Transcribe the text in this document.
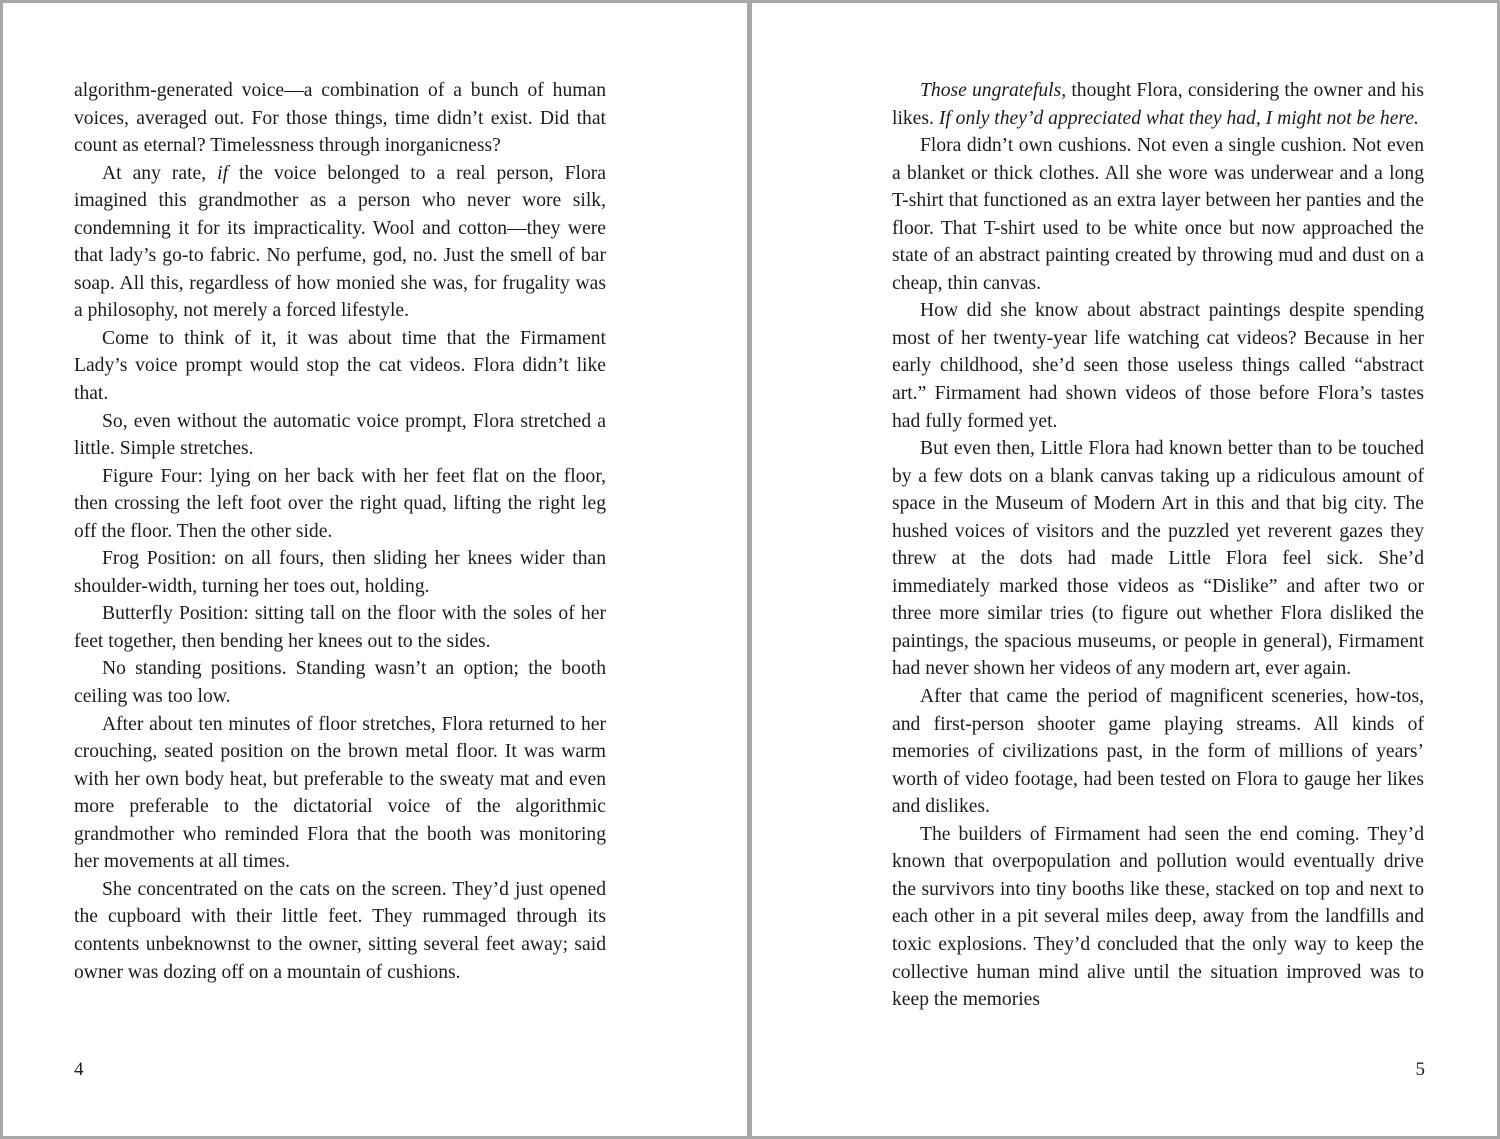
algorithm-generated voice—a combination of a bunch of human voices, averaged out. For those things, time didn’t exist. Did that count as eternal? Timelessness through inorganicness?

At any rate, if the voice belonged to a real person, Flora imagined this grandmother as a person who never wore silk, condemning it for its impracticality. Wool and cotton—they were that lady’s go-to fabric. No perfume, god, no. Just the smell of bar soap. All this, regardless of how monied she was, for frugality was a philosophy, not merely a forced lifestyle.

Come to think of it, it was about time that the Firmament Lady’s voice prompt would stop the cat videos. Flora didn’t like that.

So, even without the automatic voice prompt, Flora stretched a little. Simple stretches.

Figure Four: lying on her back with her feet flat on the floor, then crossing the left foot over the right quad, lifting the right leg off the floor. Then the other side.

Frog Position: on all fours, then sliding her knees wider than shoulder-width, turning her toes out, holding.

Butterfly Position: sitting tall on the floor with the soles of her feet together, then bending her knees out to the sides.

No standing positions. Standing wasn’t an option; the booth ceiling was too low.

After about ten minutes of floor stretches, Flora returned to her crouching, seated position on the brown metal floor. It was warm with her own body heat, but preferable to the sweaty mat and even more preferable to the dictatorial voice of the algorithmic grandmother who reminded Flora that the booth was monitoring her movements at all times.

She concentrated on the cats on the screen. They’d just opened the cupboard with their little feet. They rummaged through its contents unbeknownst to the owner, sitting several feet away; said owner was dozing off on a mountain of cushions.

4

Those ungratefuls, thought Flora, considering the owner and his likes. If only they’d appreciated what they had, I might not be here.

Flora didn’t own cushions. Not even a single cushion. Not even a blanket or thick clothes. All she wore was underwear and a long T-shirt that functioned as an extra layer between her panties and the floor. That T-shirt used to be white once but now approached the state of an abstract painting created by throwing mud and dust on a cheap, thin canvas.

How did she know about abstract paintings despite spending most of her twenty-year life watching cat videos? Because in her early childhood, she’d seen those useless things called “abstract art.” Firmament had shown videos of those before Flora’s tastes had fully formed yet.

But even then, Little Flora had known better than to be touched by a few dots on a blank canvas taking up a ridiculous amount of space in the Museum of Modern Art in this and that big city. The hushed voices of visitors and the puzzled yet reverent gazes they threw at the dots had made Little Flora feel sick. She’d immediately marked those videos as “Dislike” and after two or three more similar tries (to figure out whether Flora disliked the paintings, the spacious museums, or people in general), Firmament had never shown her videos of any modern art, ever again.

After that came the period of magnificent sceneries, how-tos, and first-person shooter game playing streams. All kinds of memories of civilizations past, in the form of millions of years’ worth of video footage, had been tested on Flora to gauge her likes and dislikes.

The builders of Firmament had seen the end coming. They’d known that overpopulation and pollution would eventually drive the survivors into tiny booths like these, stacked on top and next to each other in a pit several miles deep, away from the landfills and toxic explosions. They’d concluded that the only way to keep the collective human mind alive until the situation improved was to keep the memories

5
